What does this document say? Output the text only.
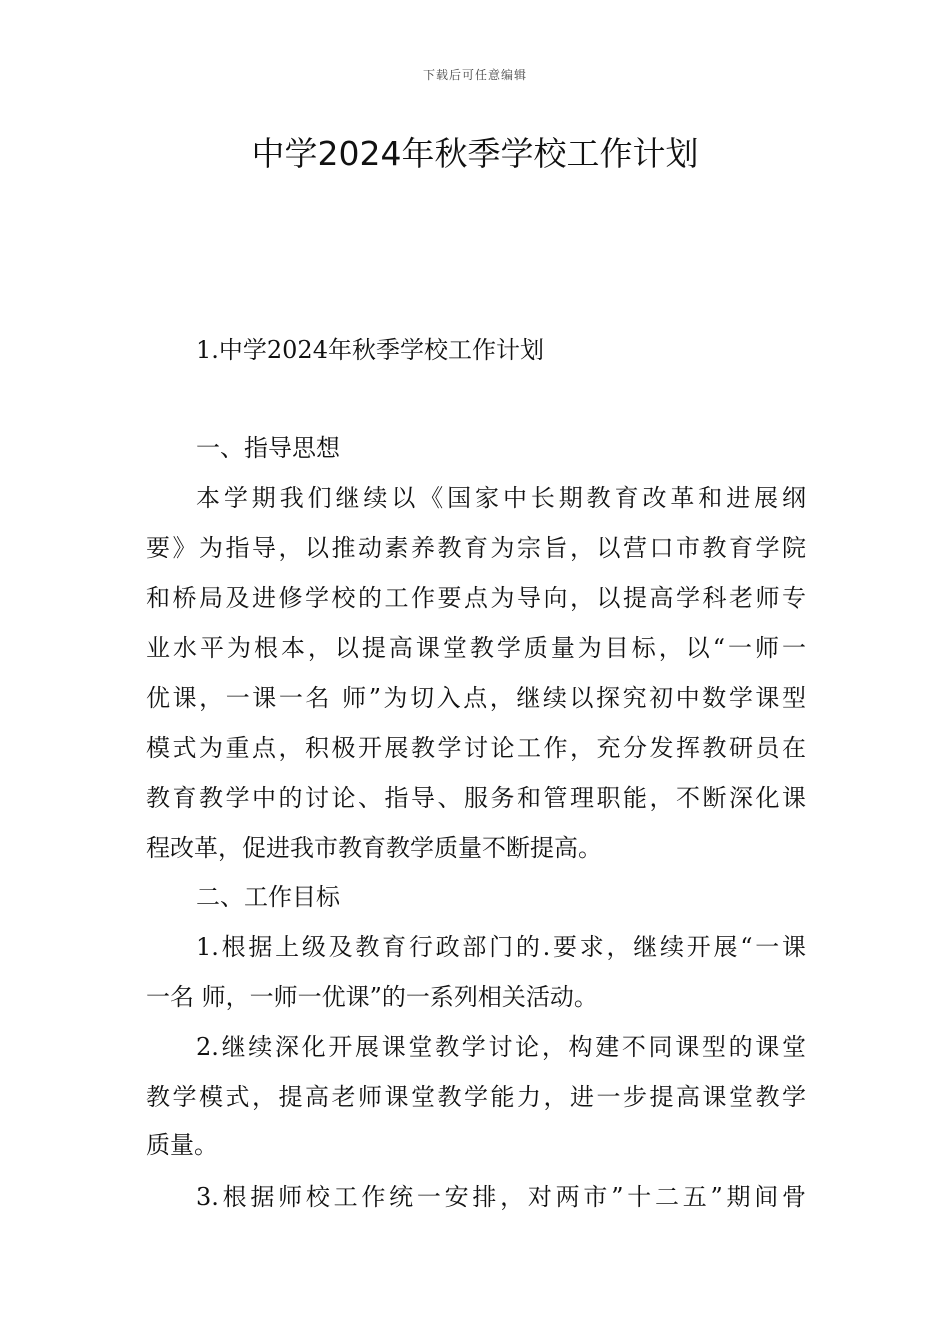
下载后可任意编辑
中学2024年秋季学校工作计划
1.中学2024年秋季学校工作计划
一、指导思想
本学期我们继续以《国家中长期教育改革和进展纲
要》为指导，以推动素养教育为宗旨，以营口市教育学院
和桥局及进修学校的工作要点为导向，以提高学科老师专
业水平为根本，以提高课堂教学质量为目标，以“一师一
优课，一课一名 师”为切入点，继续以探究初中数学课型
模式为重点，积极开展教学讨论工作，充分发挥教研员在
教育教学中的讨论、指导、服务和管理职能，不断深化课
程改革，促进我市教育教学质量不断提高。
二、工作目标
1.根据上级及教育行政部门的.要求，继续开展“一课
一名 师，一师一优课”的一系列相关活动。
2.继续深化开展课堂教学讨论，构建不同课型的课堂
教学模式，提高老师课堂教学能力，进一步提高课堂教学
质量。
3.根据师校工作统一安排，对两市”十二五”期间骨
